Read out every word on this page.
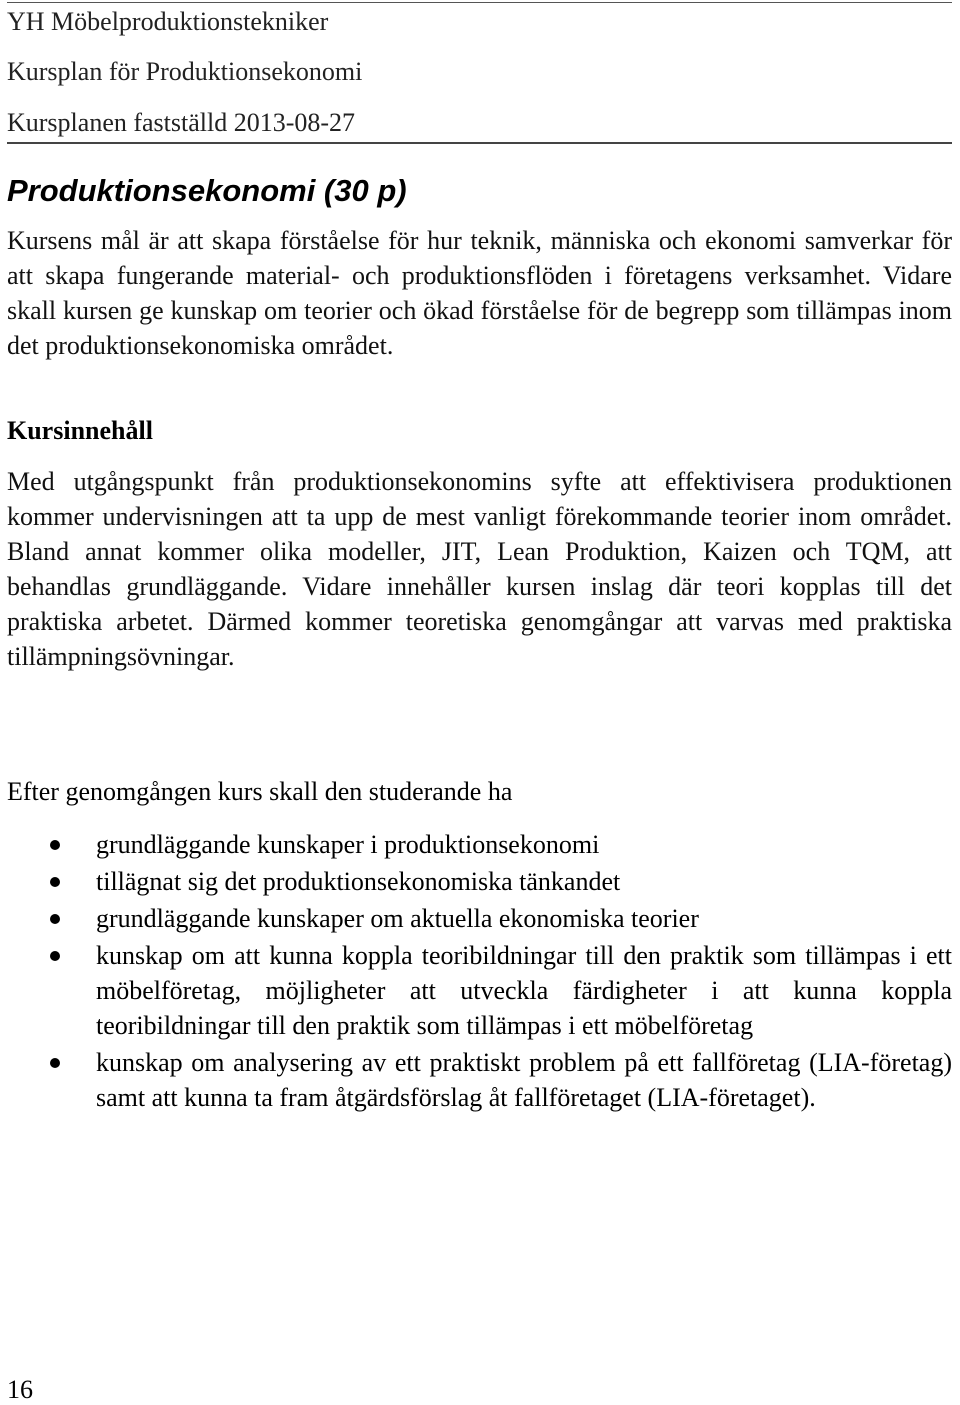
YH Möbelproduktionstekniker
Kursplan för Produktionsekonomi
Kursplanen fastställd 2013-08-27
Produktionsekonomi (30 p)

Kursens mål är att skapa förståelse för hur teknik, människa och ekonomi samverkar för att skapa fungerande material- och produktionsflöden i företagens verksamhet. Vidare skall kursen ge kunskap om teorier och ökad förståelse för de begrepp som tillämpas inom det produktionsekonomiska området.

Kursinnehåll

Med utgångspunkt från produktionsekonomins syfte att effektivisera produktionen kommer undervisningen att ta upp de mest vanligt förekommande teorier inom området. Bland annat kommer olika modeller, JIT, Lean Produktion, Kaizen och TQM, att behandlas grundläggande. Vidare innehåller kursen inslag där teori kopplas till det praktiska arbetet. Därmed kommer teoretiska genomgångar att varvas med praktiska tillämpningsövningar.

Efter genomgången kurs skall den studerande ha

grundläggande kunskaper i produktionsekonomi
tillägnat sig det produktionsekonomiska tänkandet
grundläggande kunskaper om aktuella ekonomiska teorier
kunskap om att kunna koppla teoribildningar till den praktik som tillämpas i ett möbelföretag, möjligheter att utveckla färdigheter i att kunna koppla teoribildningar till den praktik som tillämpas i ett möbelföretag
kunskap om analysering av ett praktiskt problem på ett fallföretag (LIA-företag) samt att kunna ta fram åtgärdsförslag åt fallföretaget (LIA-företaget).
16
